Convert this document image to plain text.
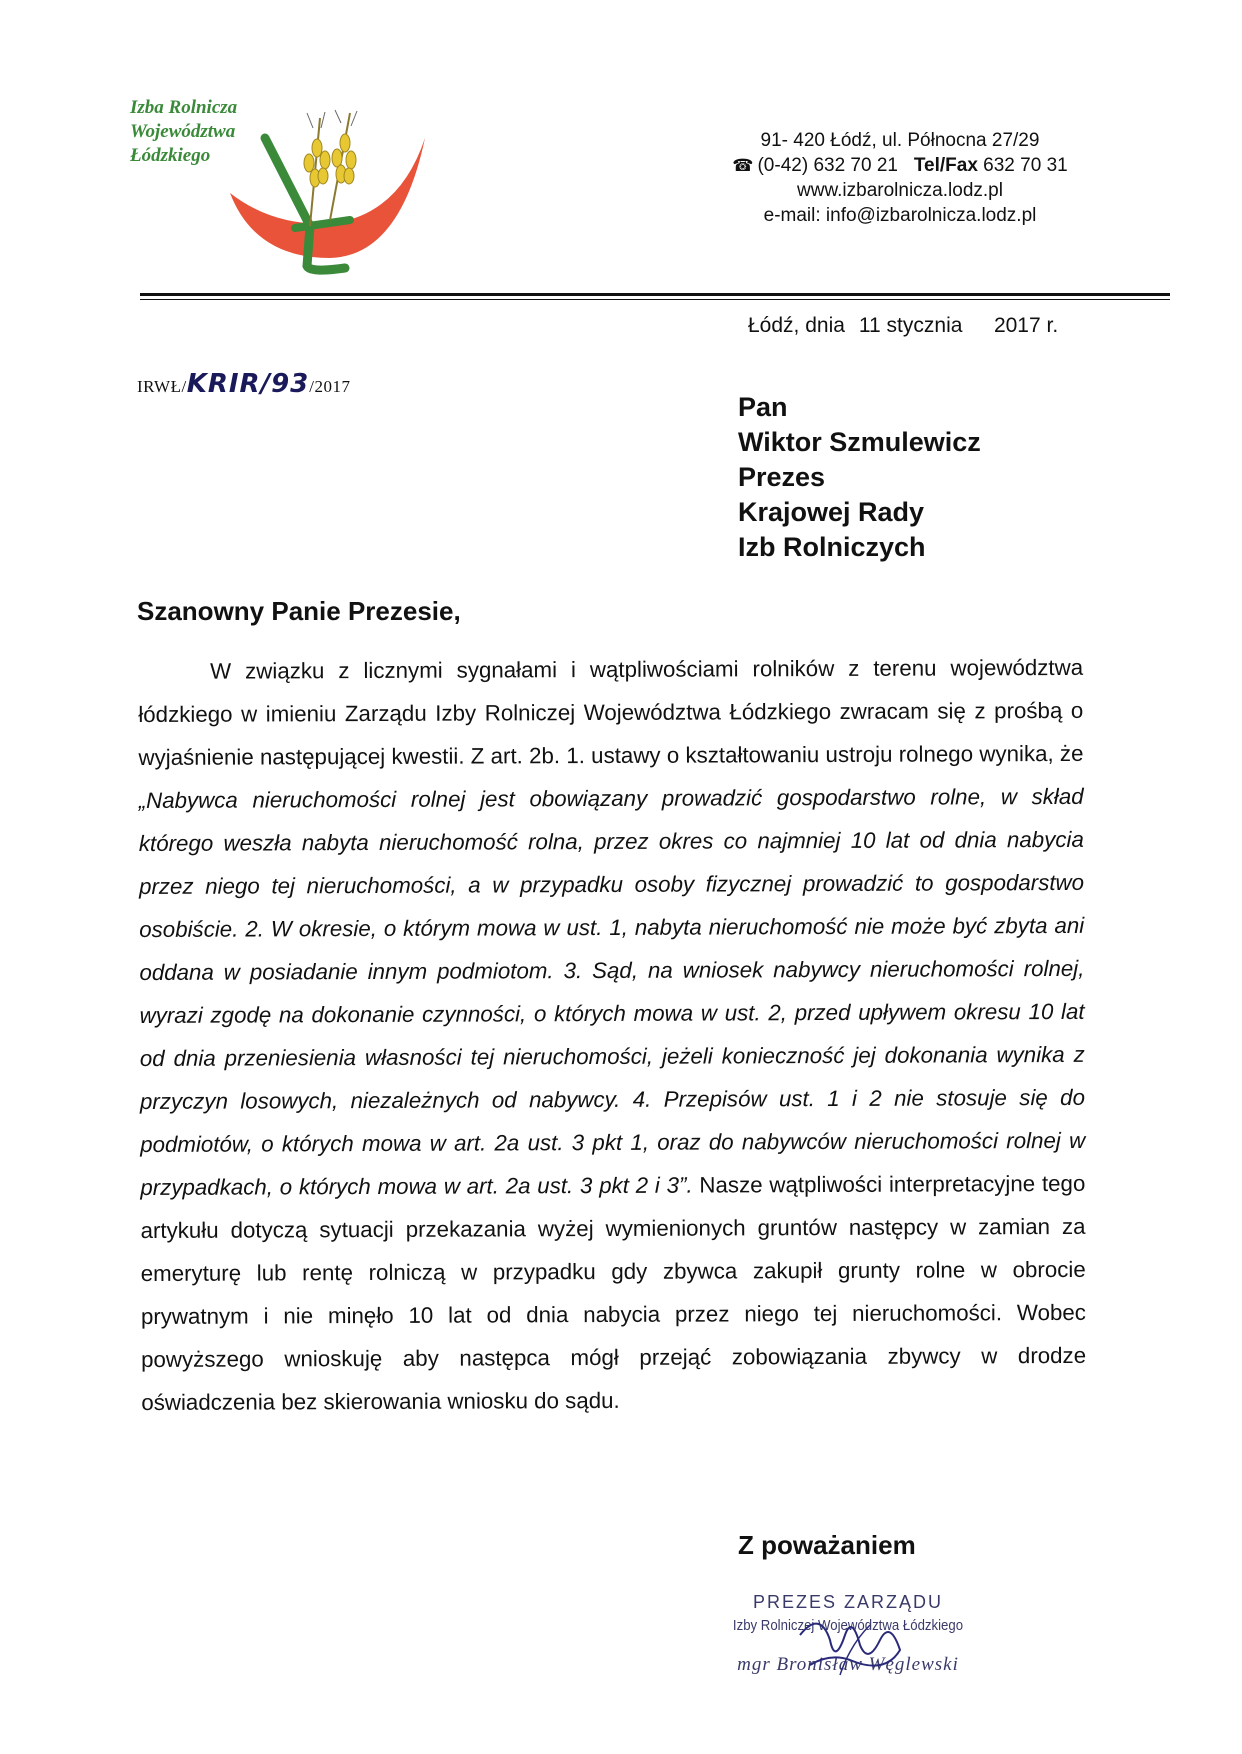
Izba Rolnicza
Województwa
Łódzkiego
91- 420 Łódź, ul. Północna 27/29
☎ (0-42) 632 70 21 Tel/Fax 632 70 31
www.izbarolnicza.lodz.pl
e-mail: info@izbarolnicza.lodz.pl
Łódź, dnia 11 stycznia 2017 r.
IRWŁ/KRIR/93/2017
Pan
Wiktor Szmulewicz
Prezes
Krajowej Rady
Izb Rolniczych
Szanowny Panie Prezesie,
W związku z licznymi sygnałami i wątpliwościami rolników z terenu województwa łódzkiego w imieniu Zarządu Izby Rolniczej Województwa Łódzkiego zwracam się z prośbą o wyjaśnienie następującej kwestii. Z art. 2b. 1. ustawy o kształtowaniu ustroju rolnego wynika, że „Nabywca nieruchomości rolnej jest obowiązany prowadzić gospodarstwo rolne, w skład którego weszła nabyta nieruchomość rolna, przez okres co najmniej 10 lat od dnia nabycia przez niego tej nieruchomości, a w przypadku osoby fizycznej prowadzić to gospodarstwo osobiście. 2. W okresie, o którym mowa w ust. 1, nabyta nieruchomość nie może być zbyta ani oddana w posiadanie innym podmiotom. 3. Sąd, na wniosek nabywcy nieruchomości rolnej, wyrazi zgodę na dokonanie czynności, o których mowa w ust. 2, przed upływem okresu 10 lat od dnia przeniesienia własności tej nieruchomości, jeżeli konieczność jej dokonania wynika z przyczyn losowych, niezależnych od nabywcy. 4. Przepisów ust. 1 i 2 nie stosuje się do podmiotów, o których mowa w art. 2a ust. 3 pkt 1, oraz do nabywców nieruchomości rolnej w przypadkach, o których mowa w art. 2a ust. 3 pkt 2 i 3”. Nasze wątpliwości interpretacyjne tego artykułu dotyczą sytuacji przekazania wyżej wymienionych gruntów następcy w zamian za emeryturę lub rentę rolniczą w przypadku gdy zbywca zakupił grunty rolne w obrocie prywatnym i nie minęło 10 lat od dnia nabycia przez niego tej nieruchomości. Wobec powyższego wnioskuję aby następca mógł przejąć zobowiązania zbywcy w drodze oświadczenia bez skierowania wniosku do sądu.
Z poważaniem
PREZES ZARZĄDU
Izby Rolniczej Województwa Łódzkiego
mgr Bronisław Węglewski
